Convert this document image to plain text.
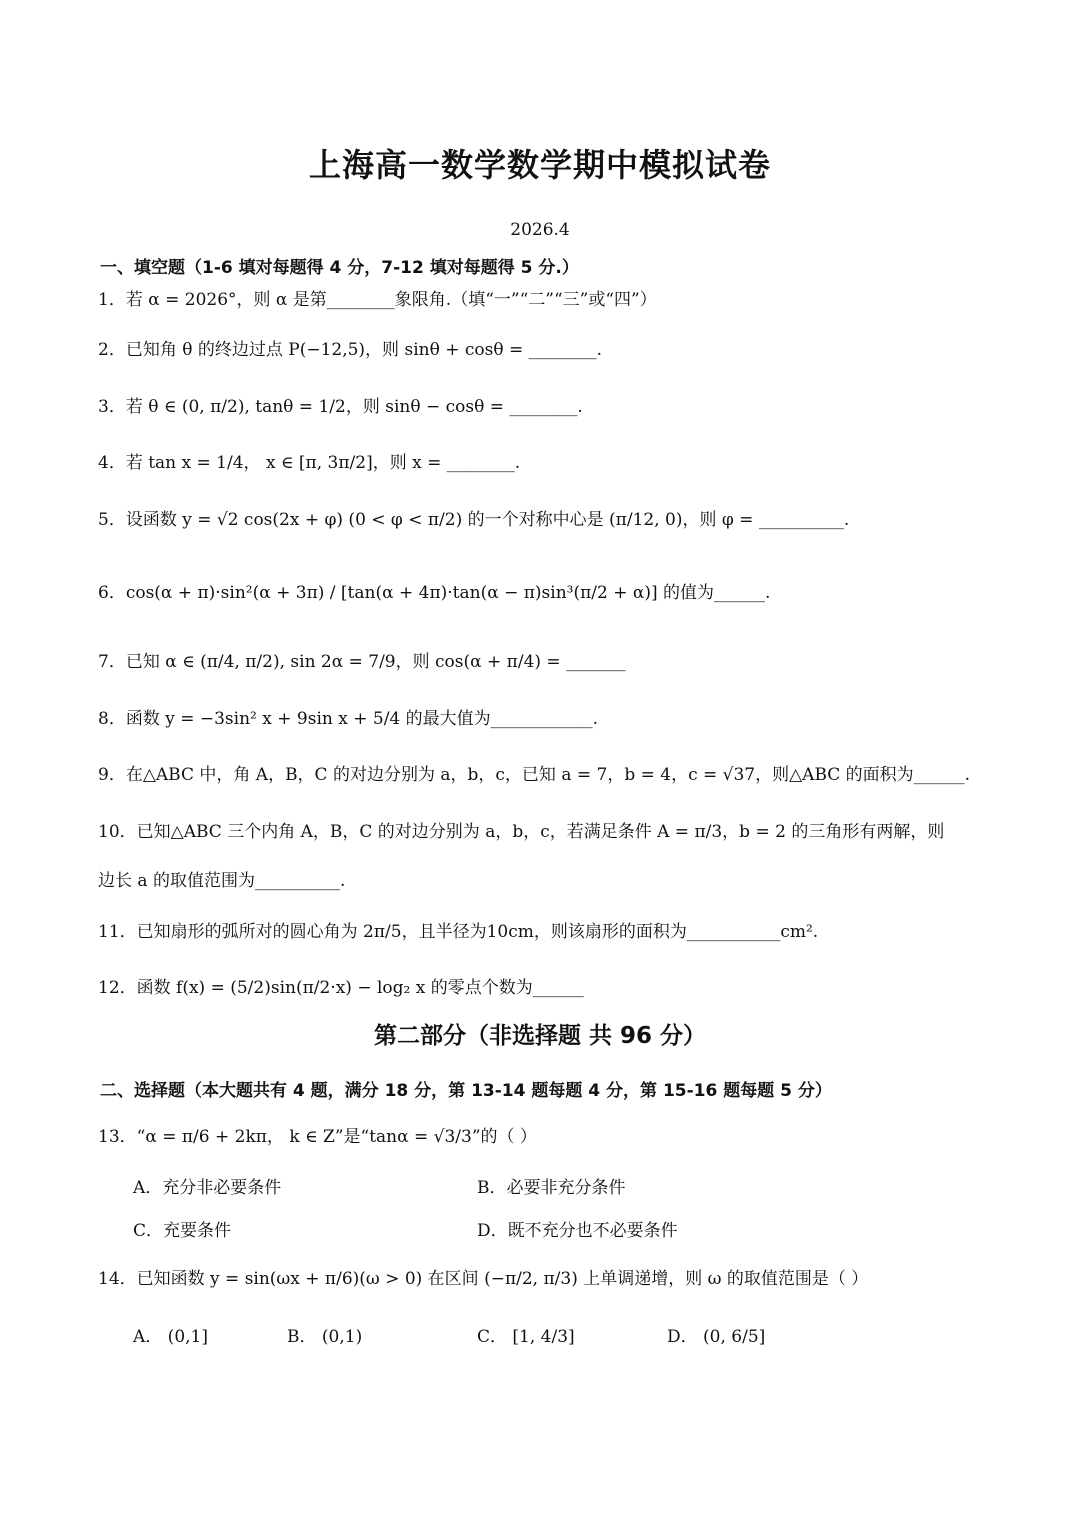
上海高一数学数学期中模拟试卷
2026.4
一、填空题（1-6 填对每题得 4 分，7-12 填对每题得 5 分.）
1．若 α = 2026°，则 α 是第________象限角.（填“一”“二”“三”或“四”）
2．已知角 θ 的终边过点 P(−12,5)，则 sinθ + cosθ = ________.
3．若 θ ∈ (0, π/2), tanθ = 1/2，则 sinθ − cosθ = ________.
4．若 tan x = 1/4， x ∈ [π, 3π/2]，则 x = ________.
5．设函数 y = √2 cos(2x + φ) (0 < φ < π/2) 的一个对称中心是 (π/12, 0)，则 φ = __________.
6．cos(α + π)·sin²(α + 3π) / [tan(α + 4π)·tan(α − π)sin³(π/2 + α)] 的值为______.
7．已知 α ∈ (π/4, π/2), sin 2α = 7/9，则 cos(α + π/4) = _______
8．函数 y = −3sin² x + 9sin x + 5/4 的最大值为____________.
9．在△ABC 中，角 A，B，C 的对边分别为 a，b，c，已知 a = 7，b = 4，c = √37，则△ABC 的面积为______.
10．已知△ABC 三个内角 A，B，C 的对边分别为 a，b，c，若满足条件 A = π/3，b = 2 的三角形有两解，则
边长 a 的取值范围为__________.
11．已知扇形的弧所对的圆心角为 2π/5，且半径为10cm，则该扇形的面积为___________cm².
12．函数 f(x) = (5/2)sin(π/2·x) − log₂ x 的零点个数为______
第二部分（非选择题 共 96 分）
二、选择题（本大题共有 4 题，满分 18 分，第 13-14 题每题 4 分，第 15-16 题每题 5 分）
13．“α = π/6 + 2kπ， k ∈ Z”是“tanα = √3/3”的（ ）
A．充分非必要条件	B．必要非充分条件
C．充要条件	D．既不充分也不必要条件
14．已知函数 y = sin(ωx + π/6)(ω > 0) 在区间 (−π/2, π/3) 上单调递增，则 ω 的取值范围是（ ）
A． (0,1]	B． (0,1)	C． [1, 4/3]	D． (0, 6/5]
